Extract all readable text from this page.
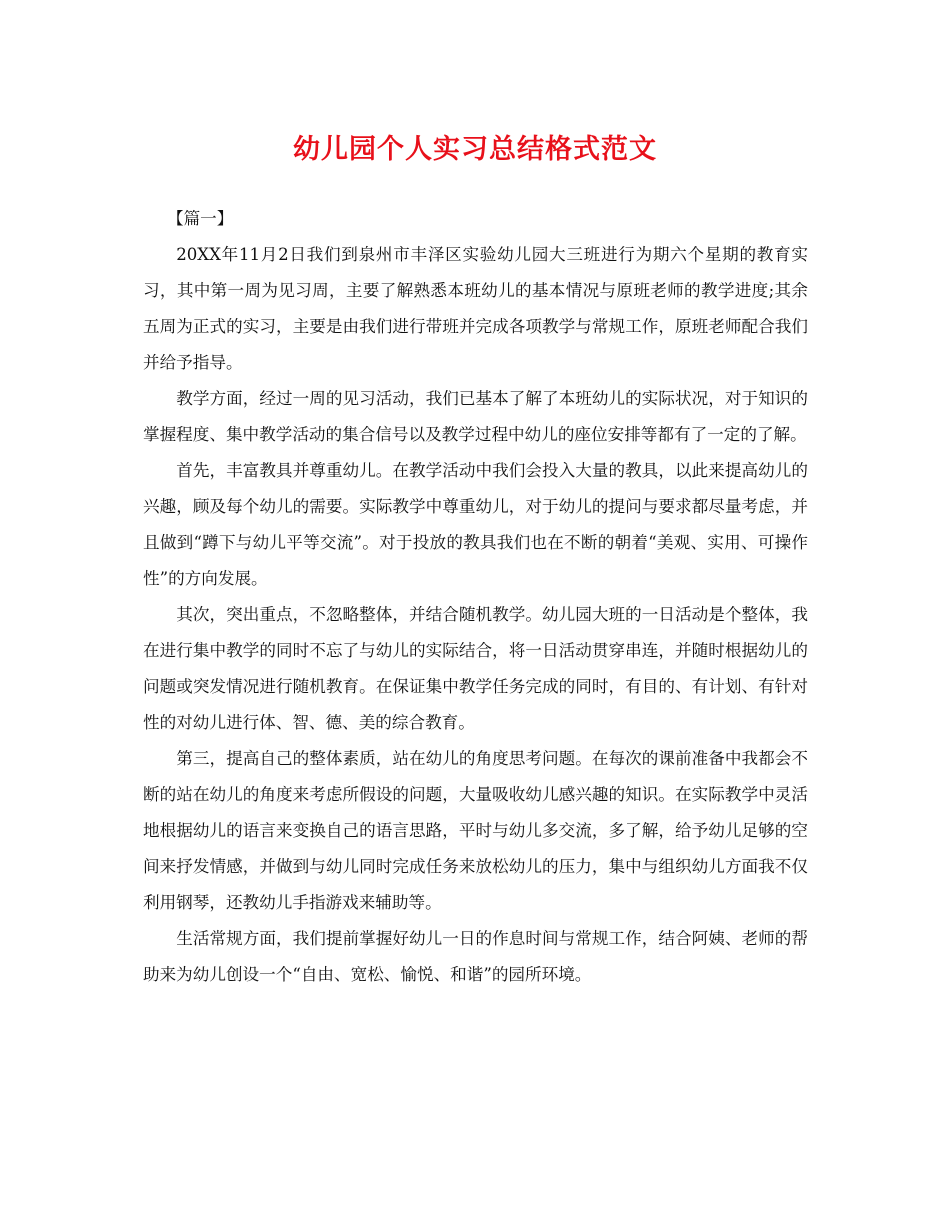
幼儿园个人实习总结格式范文

【篇一】

20XX年11月2日我们到泉州市丰泽区实验幼儿园大三班进行为期六个星期的教育实习，其中第一周为见习周，主要了解熟悉本班幼儿的基本情况与原班老师的教学进度;其余五周为正式的实习，主要是由我们进行带班并完成各项教学与常规工作，原班老师配合我们并给予指导。

教学方面，经过一周的见习活动，我们已基本了解了本班幼儿的实际状况，对于知识的掌握程度、集中教学活动的集合信号以及教学过程中幼儿的座位安排等都有了一定的了解。

首先，丰富教具并尊重幼儿。在教学活动中我们会投入大量的教具，以此来提高幼儿的兴趣，顾及每个幼儿的需要。实际教学中尊重幼儿，对于幼儿的提问与要求都尽量考虑，并且做到“蹲下与幼儿平等交流”。对于投放的教具我们也在不断的朝着“美观、实用、可操作性”的方向发展。

其次，突出重点，不忽略整体，并结合随机教学。幼儿园大班的一日活动是个整体，我在进行集中教学的同时不忘了与幼儿的实际结合，将一日活动贯穿串连，并随时根据幼儿的问题或突发情况进行随机教育。在保证集中教学任务完成的同时，有目的、有计划、有针对性的对幼儿进行体、智、德、美的综合教育。

第三，提高自己的整体素质，站在幼儿的角度思考问题。在每次的课前准备中我都会不断的站在幼儿的角度来考虑所假设的问题，大量吸收幼儿感兴趣的知识。在实际教学中灵活地根据幼儿的语言来变换自己的语言思路，平时与幼儿多交流，多了解，给予幼儿足够的空间来抒发情感，并做到与幼儿同时完成任务来放松幼儿的压力，集中与组织幼儿方面我不仅利用钢琴，还教幼儿手指游戏来辅助等。

生活常规方面，我们提前掌握好幼儿一日的作息时间与常规工作，结合阿姨、老师的帮助来为幼儿创设一个“自由、宽松、愉悦、和谐”的园所环境。
